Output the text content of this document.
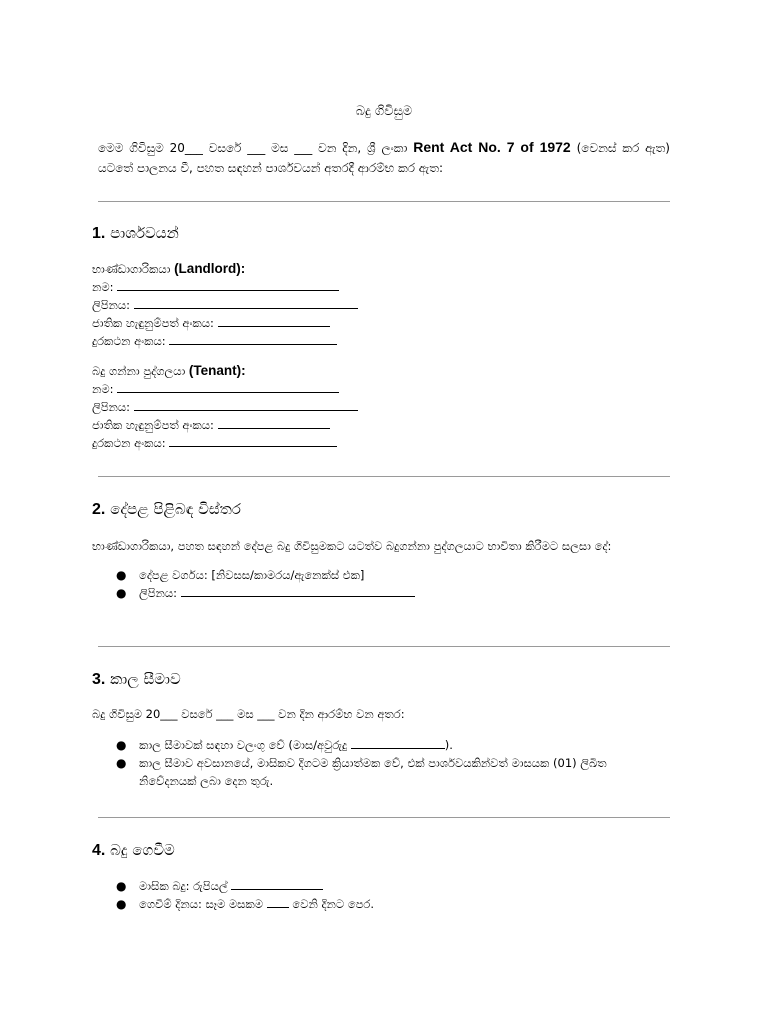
බදු ගිවිසුම
මෙම ගිවිසුම 20___ වසරේ ___ මස ___ වන දින, ශ්‍රී ලංකා Rent Act No. 7 of 1972 (වෙනස් කර ඇත) යටතේ පාලනය වී, පහත සඳහන් පාර්ශවයන් අතරදී ආරම්භ කර ඇත:
1. පාර්ශවයන්
භාණ්ඩාගාරිකයා (Landlord):
නම:
ලිපිනය:
ජාතික හැඳුනුම්පත් අංකය:
දුරකථන අංකය:
බදු ගන්නා පුද්ගලයා (Tenant):
නම:
ලිපිනය:
ජාතික හැඳුනුම්පත් අංකය:
දුරකථන අංකය:
2. දේපළ පිළිබඳ විස්තර
භාණ්ඩාගාරිකයා, පහත සඳහන් දේපළ බදු ගිවිසුමකට යටත්ව බදුගන්නා පුද්ගලයාට භාවිතා කිරීමට සලසා දේ:
● දේපළ වර්ගය: [නිවසස/කාමරය/ඇනෙක්ස් එක]
● ලිපිනය:
3. කාල සීමාව
බදු ගිවිසුම 20___ වසරේ ___ මස ___ වන දින ආරම්භ වන අතර:
● කාල සීමාවක් සඳහා වලංගු වේ (මාස/අවුරුදු	).
● කාල සීමාව අවසානයේ, මාසිකව දිගටම ක්‍රියාත්මක වේ, එක් පාර්ශවයකින්වත් මාසයක (01) ලිඛිත නිවේදනයක් ලබා දෙන තුරු.
4. බදු ගෙවීම
● මාසික බදු: රුපියල්
● ගෙවීම් දිනය: සෑම මසකම	වෙනි දිනට පෙර.
